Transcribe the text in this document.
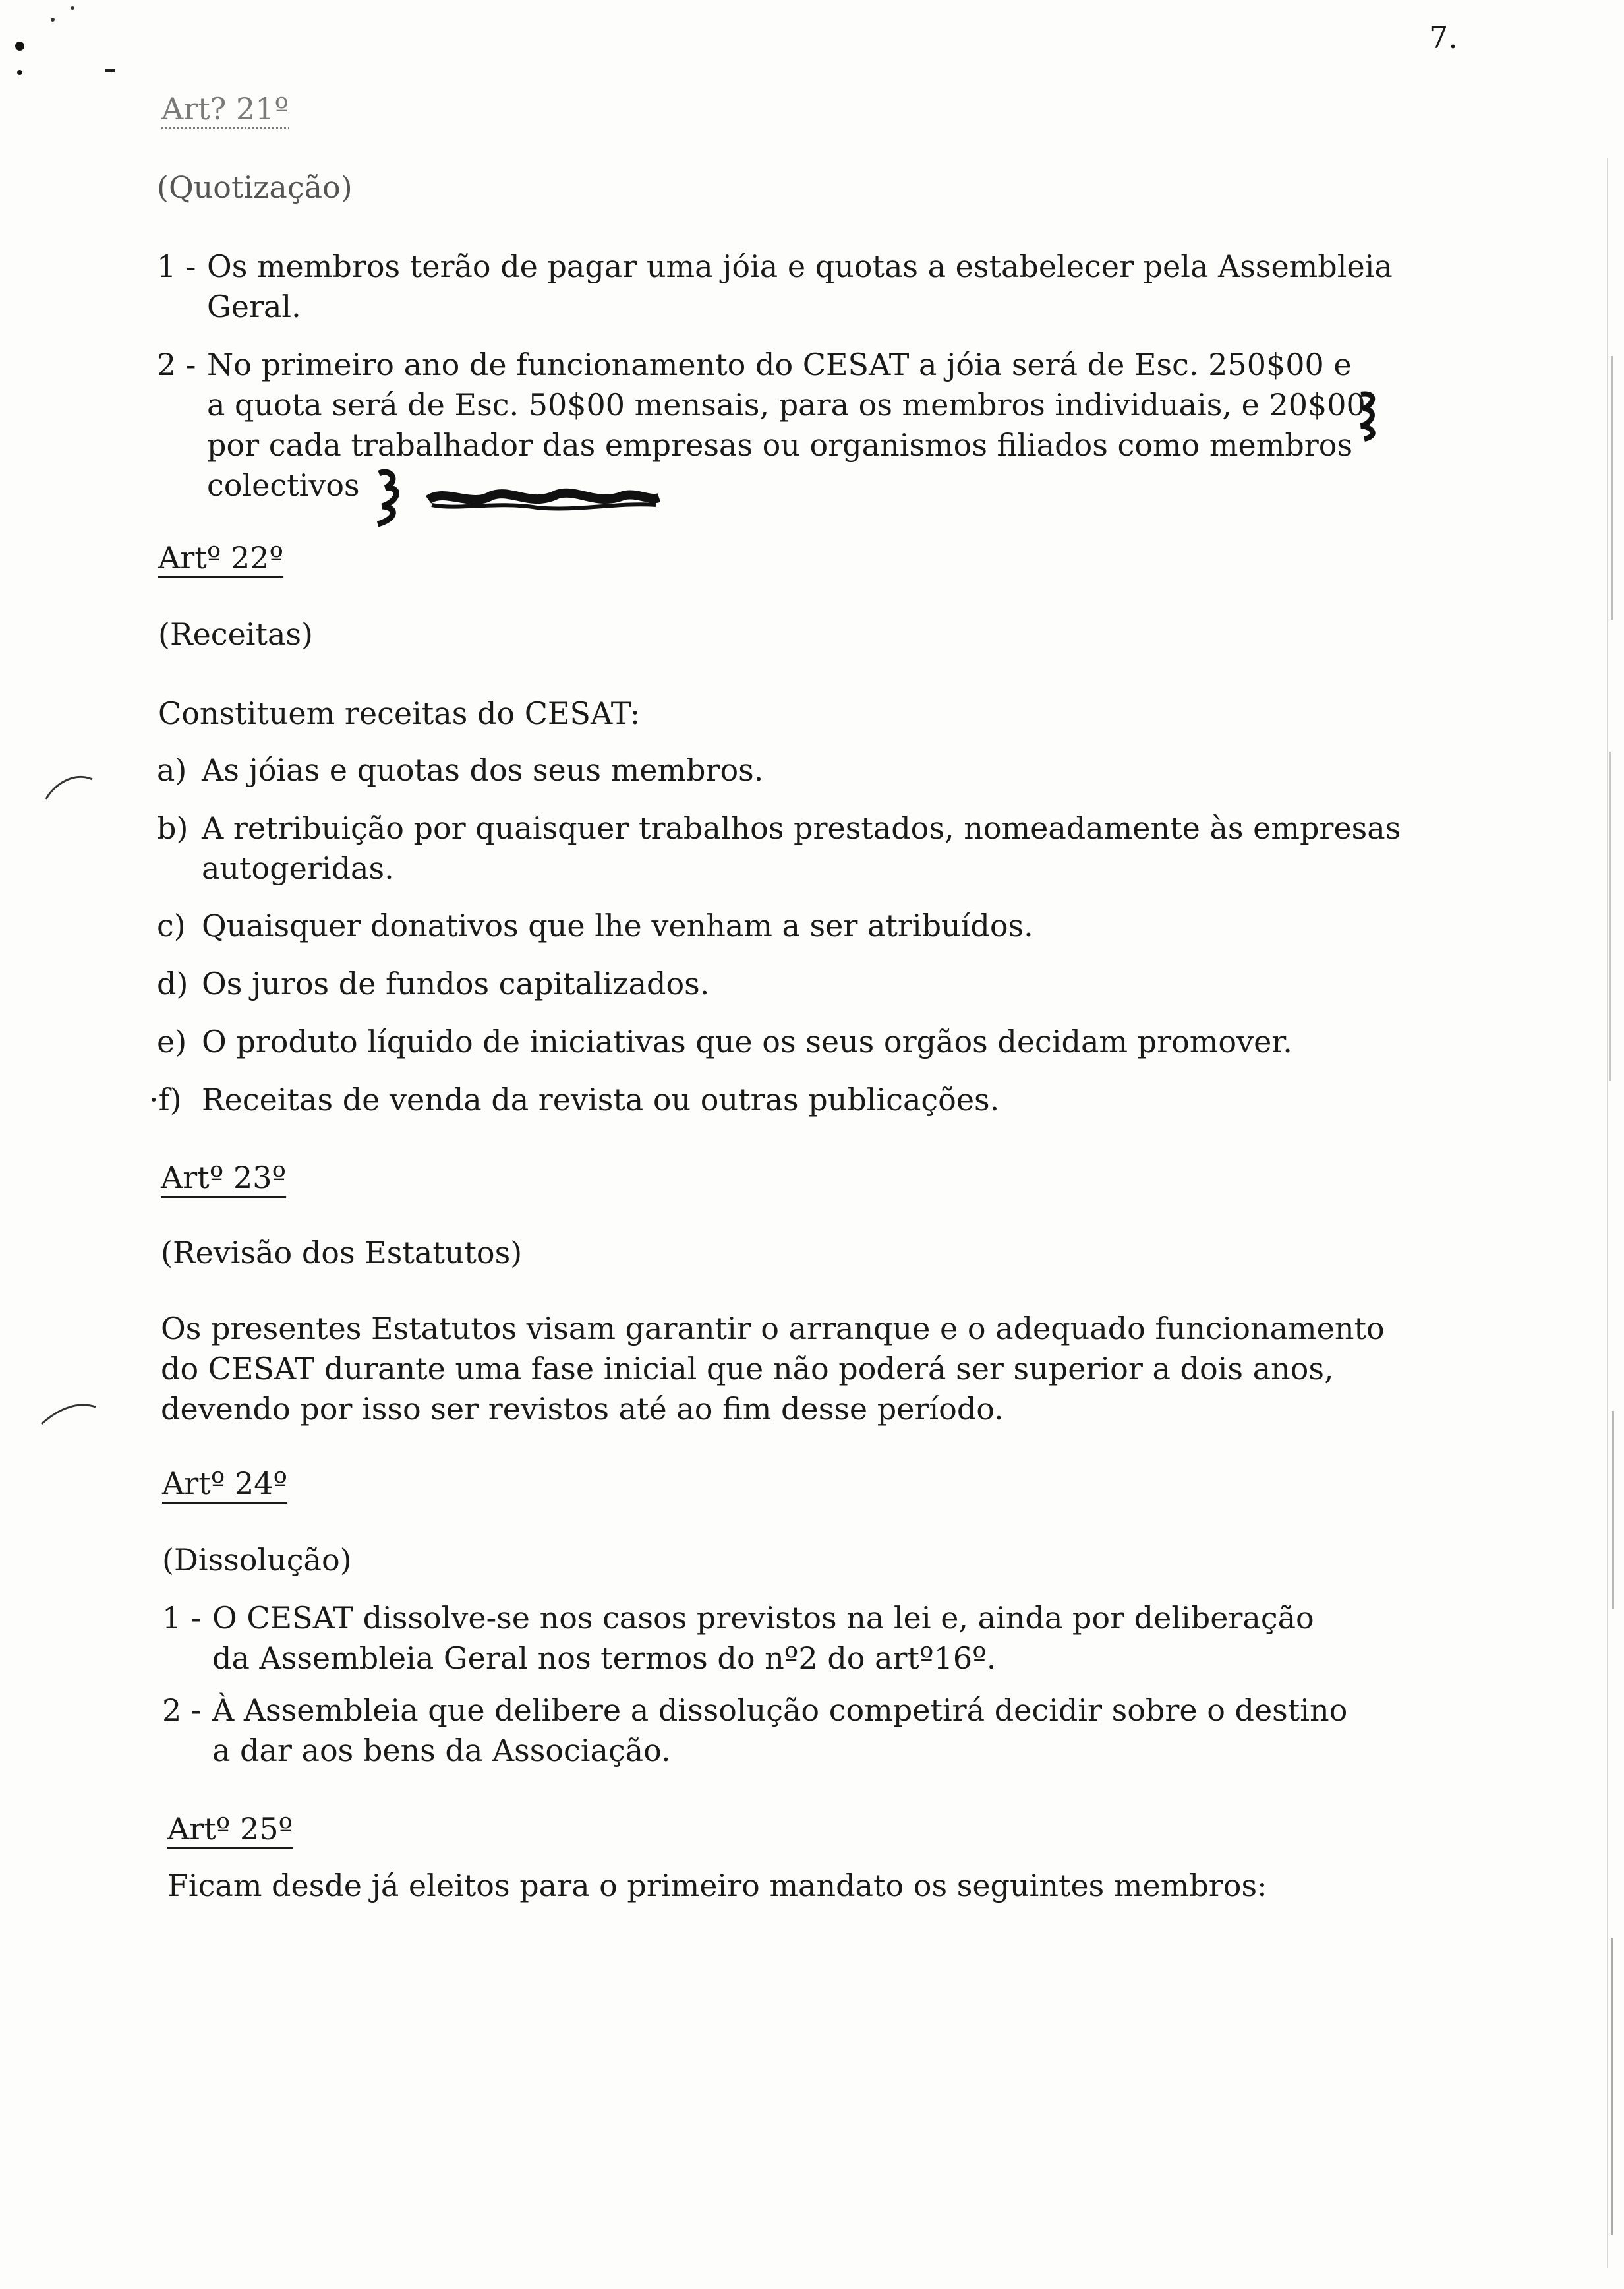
7.
Art? 21º
(Quotização)
1 - Os membros terão de pagar uma jóia e quotas a estabelecer pela Assembleia
Geral.
2 - No primeiro ano de funcionamento do CESAT a jóia será de Esc. 250$00 e
a quota será de Esc. 50$00 mensais, para os membros individuais, e 20$00
por cada trabalhador das empresas ou organismos filiados como membros
colectivos
Artº 22º
(Receitas)
Constituem receitas do CESAT:
a) As jóias e quotas dos seus membros.
b) A retribuição por quaisquer trabalhos prestados, nomeadamente às empresas
autogeridas.
c) Quaisquer donativos que lhe venham a ser atribuídos.
d) Os juros de fundos capitalizados.
e) O produto líquido de iniciativas que os seus orgãos decidam promover.
·f) Receitas de venda da revista ou outras publicações.
Artº 23º
(Revisão dos Estatutos)
Os presentes Estatutos visam garantir o arranque e o adequado funcionamento
do CESAT durante uma fase inicial que não poderá ser superior a dois anos,
devendo por isso ser revistos até ao fim desse período.
Artº 24º
(Dissolução)
1 - O CESAT dissolve-se nos casos previstos na lei e, ainda por deliberação
da Assembleia Geral nos termos do nº2 do artº16º.
2 - À Assembleia que delibere a dissolução competirá decidir sobre o destino
a dar aos bens da Associação.
Artº 25º
Ficam desde já eleitos para o primeiro mandato os seguintes membros:
